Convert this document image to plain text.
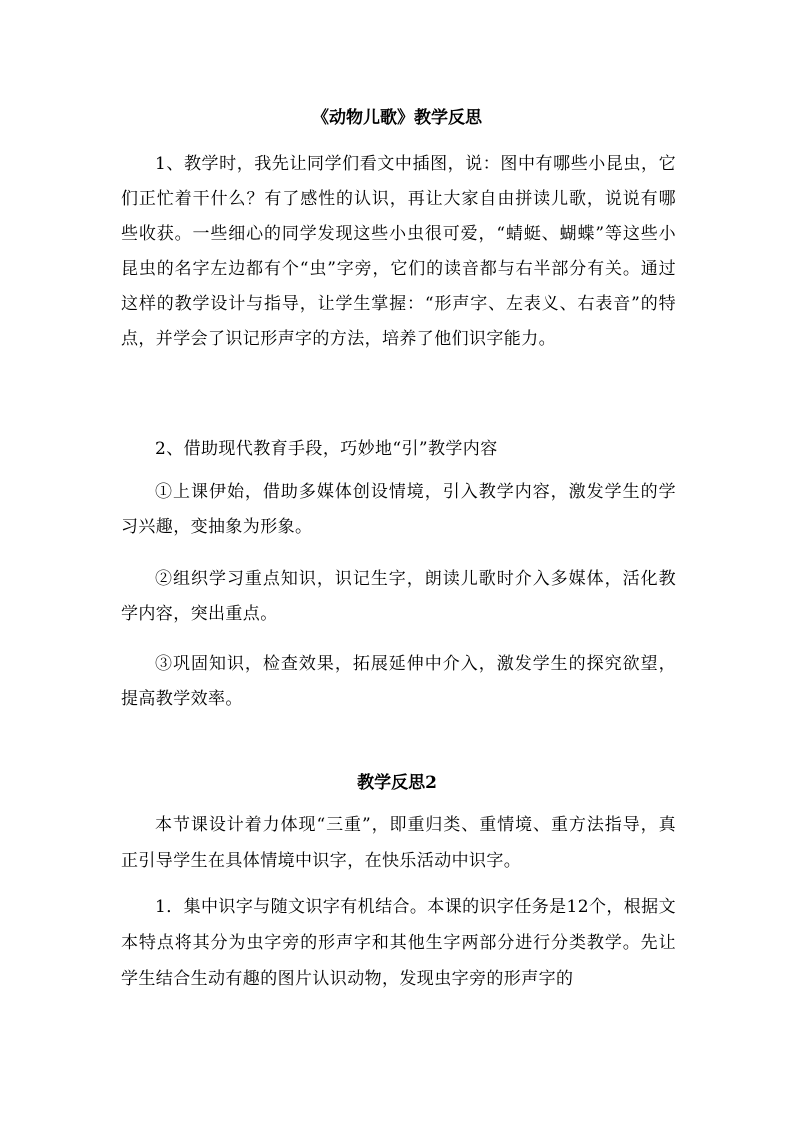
《动物儿歌》教学反思

1、教学时，我先让同学们看文中插图，说：图中有哪些小昆虫，它们正忙着干什么？有了感性的认识，再让大家自由拼读儿歌，说说有哪些收获。一些细心的同学发现这些小虫很可爱，“蜻蜓、蝴蝶”等这些小昆虫的名字左边都有个“虫”字旁，它们的读音都与右半部分有关。通过这样的教学设计与指导，让学生掌握：“形声字、左表义、右表音”的特点，并学会了识记形声字的方法，培养了他们识字能力。

2、借助现代教育手段，巧妙地“引”教学内容

①上课伊始，借助多媒体创设情境，引入教学内容，激发学生的学习兴趣，变抽象为形象。

②组织学习重点知识，识记生字，朗读儿歌时介入多媒体，活化教学内容，突出重点。

③巩固知识，检查效果，拓展延伸中介入，激发学生的探究欲望，提高教学效率。

教学反思2

本节课设计着力体现“三重”，即重归类、重情境、重方法指导，真正引导学生在具体情境中识字，在快乐活动中识字。

1．集中识字与随文识字有机结合。本课的识字任务是12个，根据文本特点将其分为虫字旁的形声字和其他生字两部分进行分类教学。先让学生结合生动有趣的图片认识动物，发现虫字旁的形声字的
